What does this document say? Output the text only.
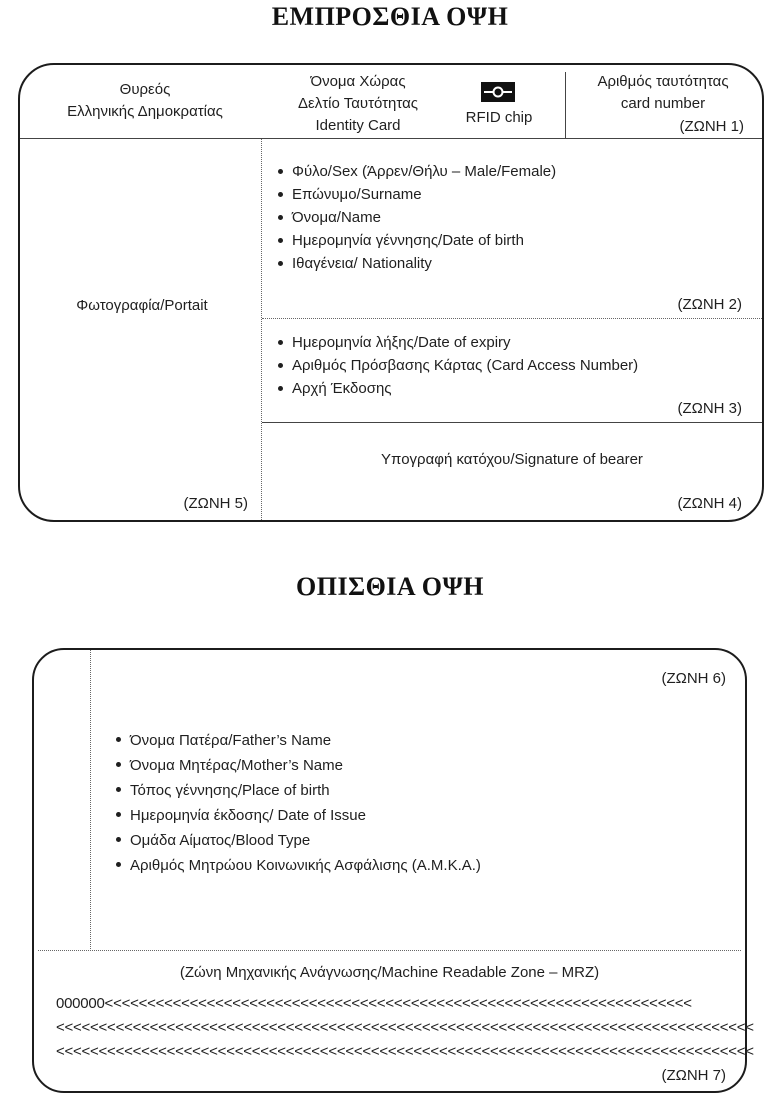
ΕΜΠΡΟΣΘΙΑ ΟΨΗ
Θυρεός
Ελληνικής Δημοκρατίας
Όνομα Χώρας
Δελτίο Ταυτότητας
Identity Card	RFID chip
Αριθμός ταυτότητας
card number
(ΖΩΝΗ 1)
Φωτογραφία/Portait
(ΖΩΝΗ 5)
Φύλο/Sex (Άρρεν/Θήλυ – Male/Female)
Επώνυμο/Surname
Όνομα/Name
Ημερομηνία γέννησης/Date of birth
Ιθαγένεια/ Nationality
(ΖΩΝΗ 2)
Ημερομηνία λήξης/Date of expiry
Αριθμός Πρόσβασης Κάρτας (Card Access Number)
Αρχή Έκδοσης
(ΖΩΝΗ 3)
Υπογραφή κατόχου/Signature of bearer
(ΖΩΝΗ 4)
ΟΠΙΣΘΙΑ ΟΨΗ
(ΖΩΝΗ 6)
Όνομα Πατέρα/Father’s Name
Όνομα Μητέρας/Mother’s Name
Τόπος γέννησης/Place of birth
Ημερομηνία έκδοσης/ Date of Issue
Ομάδα Αίματος/Blood Type
Αριθμός Μητρώου Κοινωνικής Ασφάλισης (Α.Μ.Κ.Α.)
(Ζώνη Μηχανικής Ανάγνωσης/Machine Readable Zone – MRZ)
000000<<<<<<<<<<<<<<<<<<<<<<<<<<<<<<<<<<<<<<<<<<<<<<<<<<<<<<<<<<<<<<<<<<<<<
<<<<<<<<<<<<<<<<<<<<<<<<<<<<<<<<<<<<<<<<<<<<<<<<<<<<<<<<<<<<<<<<<<<<<<<<<<<<<<<<<<
<<<<<<<<<<<<<<<<<<<<<<<<<<<<<<<<<<<<<<<<<<<<<<<<<<<<<<<<<<<<<<<<<<<<<<<<<<<<<<<<<<
(ΖΩΝΗ 7)
